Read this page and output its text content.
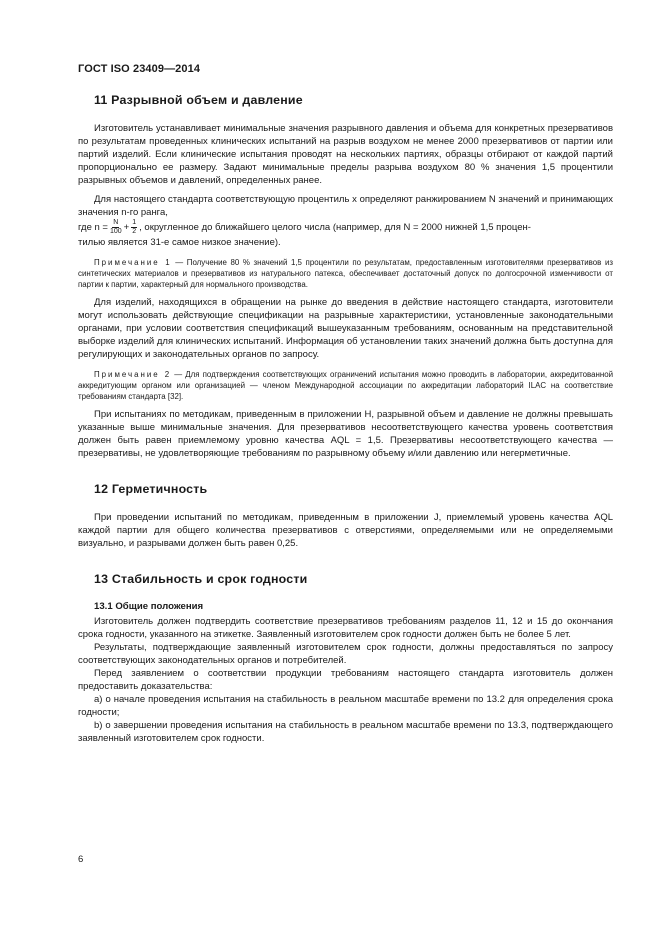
ГОСТ ISO 23409—2014
11 Разрывной объем и давление

Изготовитель устанавливает минимальные значения разрывного давления и объема для конкретных презервативов по результатам проведенных клинических испытаний на разрыв воздухом не менее 2000 презервативов от партии или партий изделий. Если клинические испытания проводят на нескольких партиях, образцы отбирают от каждой партий пропорционально ее размеру. Задают минимальные пределы разрыва воздухом 80 % значения 1,5 процентили разрывных объемов и давлений, определенных ранее.

Для настоящего стандарта соответствующую процентиль x определяют ранжированием N значений и принимающих значения n-го ранга,

где $n = \frac{N}{100} + \frac{1}{2}$ , округленное до ближайшего целого числа (например, для N = 2000 нижней 1,5 процен-

тилью является 31-е самое низкое значение).

Примечание 1 — Получение 80 % значений 1,5 процентили по результатам, предоставленным изготовителями презервативов из синтетических материалов и презервативов из натурального патекса, обеспечивает достаточный допуск по долгосрочной изменчивости от партии к партии, характерный для нормального производства.

Для изделий, находящихся в обращении на рынке до введения в действие настоящего стандарта, изготовители могут использовать действующие спецификации на разрывные характеристики, установленные законодательными органами, при условии соответствия спецификаций вышеуказанным требованиям, основанным на представительной выборке изделий для клинических испытаний. Информация об установлении таких значений должна быть доступна для регулирующих и законодательных органов по запросу.

Примечание 2 — Для подтверждения соответствующих ограничений испытания можно проводить в лаборатории, аккредитованной аккредитующим органом или организацией — членом Международной ассоциации по аккредитации лабораторий ILAC на соответствие требованиям стандарта [32].

При испытаниях по методикам, приведенным в приложении H, разрывной объем и давление не должны превышать указанные выше минимальные значения. Для презервативов несоответствующего качества уровень соответствия должен быть равен приемлемому уровню качества AQL = 1,5. Презервативы несоответствующего качества — презервативы, не удовлетворяющие требованиям по разрывному объему и/или давлению или негерметичные.

12 Герметичность

При проведении испытаний по методикам, приведенным в приложении J, приемлемый уровень качества AQL каждой партии для общего количества презервативов с отверстиями, определяемыми или не определяемыми визуально, и разрывами должен быть равен 0,25.

13 Стабильность и срок годности
13.1 Общие положения

Изготовитель должен подтвердить соответствие презервативов требованиям разделов 11, 12 и 15 до окончания срока годности, указанного на этикетке. Заявленный изготовителем срок годности должен быть не более 5 лет.

Результаты, подтверждающие заявленный изготовителем срок годности, должны предоставляться по запросу соответствующих законодательных органов и потребителей.

Перед заявлением о соответствии продукции требованиям настоящего стандарта изготовитель должен предоставить доказательства:

a) о начале проведения испытания на стабильность в реальном масштабе времени по 13.2 для определения срока годности;

b) о завершении проведения испытания на стабильность в реальном масштабе времени по 13.3, подтверждающего заявленный изготовителем срок годности.

6
